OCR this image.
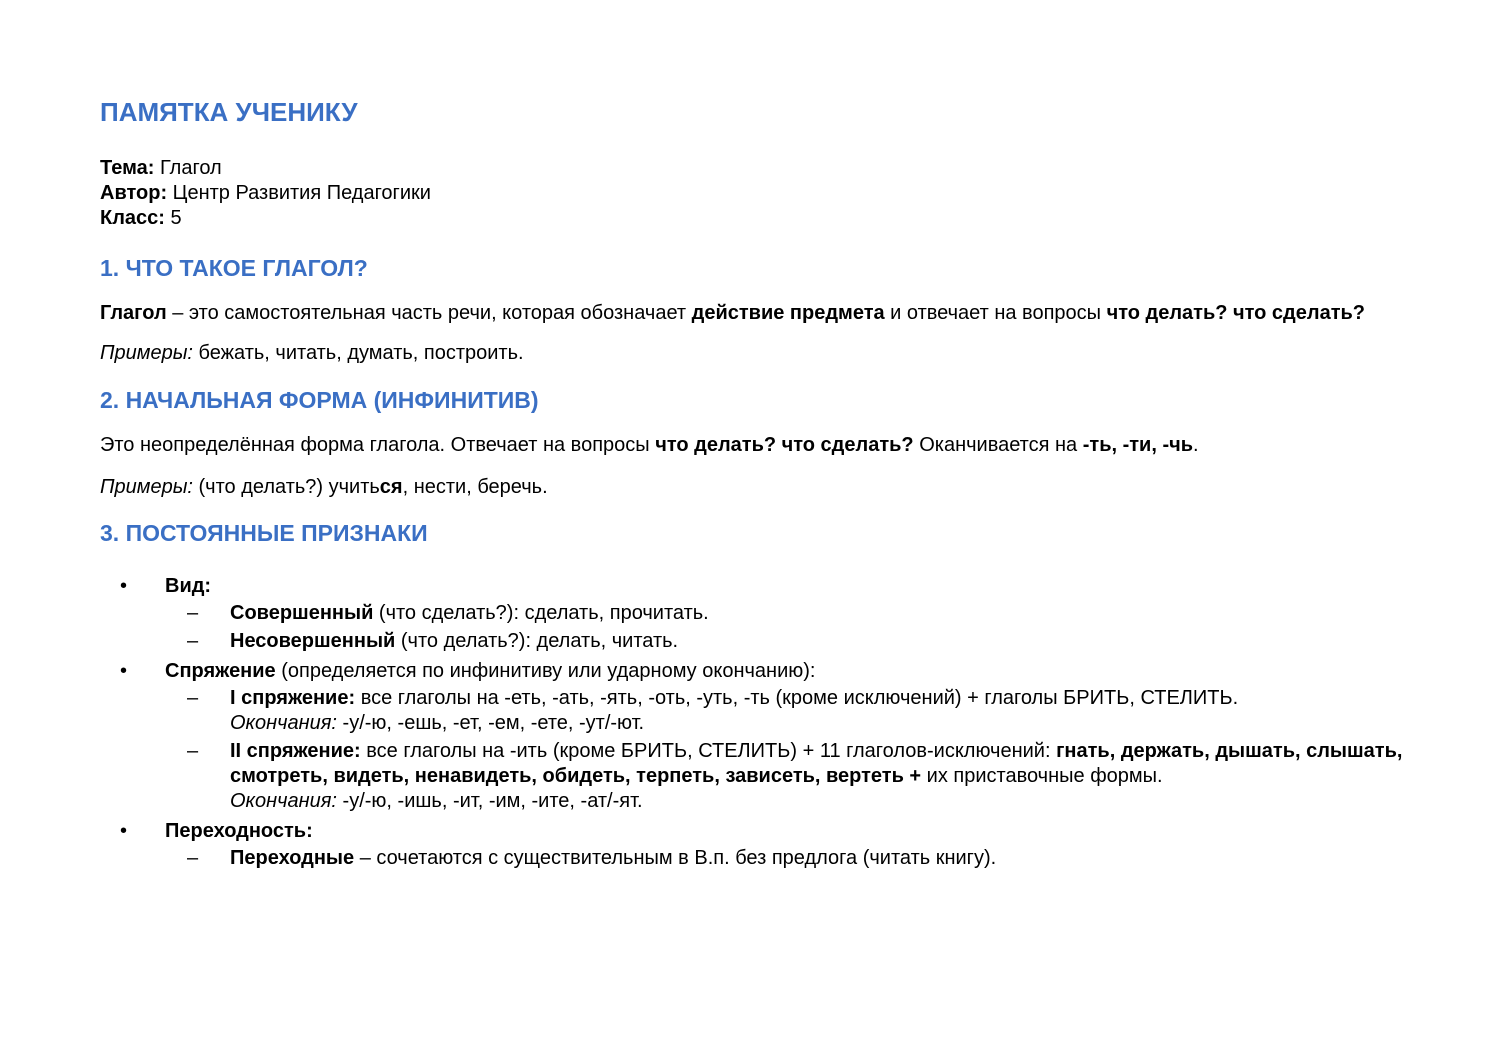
ПАМЯТКА УЧЕНИКУ

Тема: Глагол

Автор: Центр Развития Педагогики

Класс: 5

1. ЧТО ТАКОЕ ГЛАГОЛ?

Глагол – это самостоятельная часть речи, которая обозначает действие предмета и отвечает на вопросы что делать? что сделать?

Примеры: бежать, читать, думать, построить.

2. НАЧАЛЬНАЯ ФОРМА (ИНФИНИТИВ)

Это неопределённая форма глагола. Отвечает на вопросы что делать? что сделать? Оканчивается на -ть, -ти, -чь.

Примеры: (что делать?) учиться, нести, беречь.

3. ПОСТОЯННЫЕ ПРИЗНАКИ
• Вид:
– Совершенный (что сделать?): сделать, прочитать.
– Несовершенный (что делать?): делать, читать.
• Спряжение (определяется по инфинитиву или ударному окончанию):
– I спряжение: все глаголы на -еть, -ать, -ять, -оть, -уть, -ть (кроме исключений) + глаголы БРИТЬ, СТЕЛИТЬ.
Окончания: -у/-ю, -ешь, -ет, -ем, -ете, -ут/-ют.
– II спряжение: все глаголы на -ить (кроме БРИТЬ, СТЕЛИТЬ) + 11 глаголов-исключений: гнать, держать, дышать, слышать, смотреть, видеть, ненавидеть, обидеть, терпеть, зависеть, вертеть + их приставочные формы.
Окончания: -у/-ю, -ишь, -ит, -им, -ите, -ат/-ят.
• Переходность:
– Переходные – сочетаются с существительным в В.п. без предлога (читать книгу).
